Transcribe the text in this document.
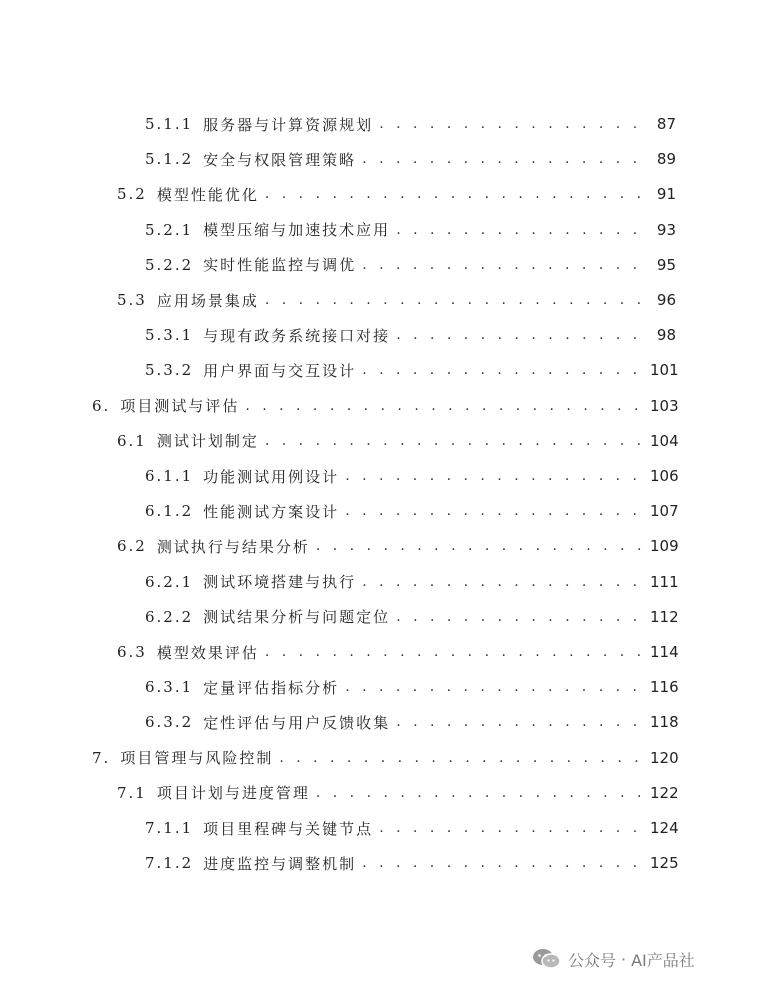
5.1.1 服务器与计算资源规划 . . .	87
5.1.2 安全与权限管理策略 . . .	89
5.2 模型性能优化 . . .	91
5.2.1 模型压缩与加速技术应用 . . .	93
5.2.2 实时性能监控与调优 . . .	95
5.3 应用场景集成 . . .	96
5.3.1 与现有政务系统接口对接 . . .	98
5.3.2 用户界面与交互设计 . . .	101
6. 项目测试与评估 . . .	103
6.1 测试计划制定 . . .	104
6.1.1 功能测试用例设计 . . .	106
6.1.2 性能测试方案设计 . . .	107
6.2 测试执行与结果分析 . . .	109
6.2.1 测试环境搭建与执行 . . .	111
6.2.2 测试结果分析与问题定位 . . .	112
6.3 模型效果评估 . . .	114
6.3.1 定量评估指标分析 . . .	116
6.3.2 定性评估与用户反馈收集 . . .	118
7. 项目管理与风险控制 . . .	120
7.1 项目计划与进度管理 . . .	122
7.1.1 项目里程碑与关键节点 . . .	124
7.1.2 进度监控与调整机制 . . .	125
公众号 · AI产品社
